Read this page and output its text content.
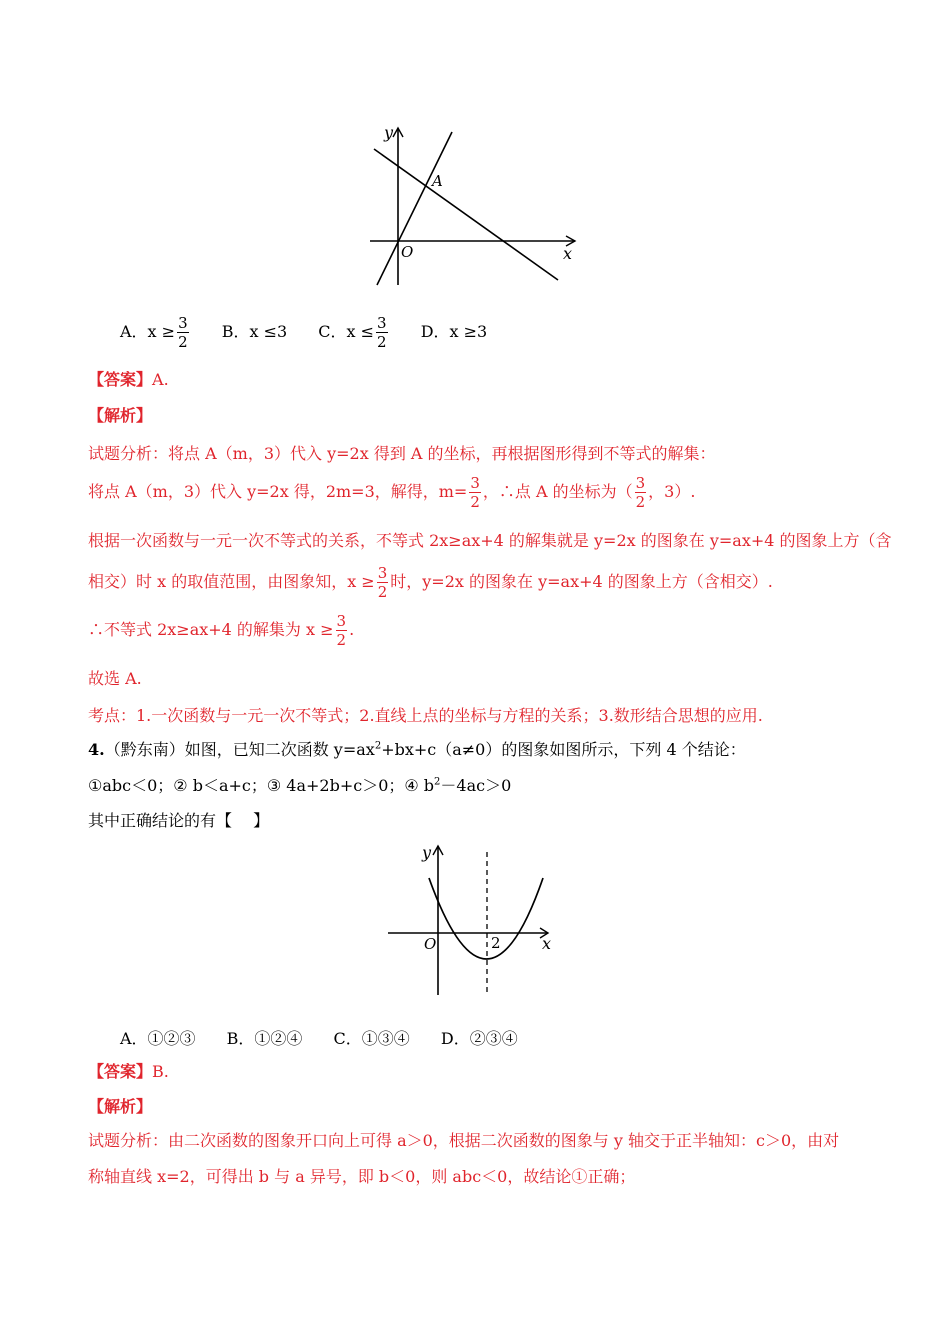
y
x
O
A
A．$x \ge \frac{3}{2}$ B．x ≤3 C．$x \le \frac{3}{2}$ D．x ≥3
【答案】A.
【解析】
试题分析：将点 A（m，3）代入 y=2x 得到 A 的坐标，再根据图形得到不等式的解集：
将点 A（m，3）代入 y=2x 得，2m=3，解得，$m= \frac{3}{2}$ ，∴点 A 的坐标为（ $\frac{3}{2}$ ，3）.
根据一次函数与一元一次不等式的关系，不等式 2x≥ax+4 的解集就是 y=2x 的图象在 y=ax+4 的图象上方（含
相交）时 x 的取值范围，由图象知，$x \ge \frac{3}{2}$ 时，y=2x 的图象在 y=ax+4 的图象上方（含相交）.
∴不等式 2x≥ax+4 的解集为 $x \ge \frac{3}{2}$ .
故选 A.
考点：1.一次函数与一元一次不等式；2.直线上点的坐标与方程的关系；3.数形结合思想的应用.
4.（黔东南）如图，已知二次函数 $y=ax^2+bx+c(a\ne 0)$的图象如图所示，下列 4 个结论：
①abc＜0；② b＜a+c；③ 4a+2b+c＞0；④ $b^2-4ac>0$
其中正确结论的有【　 】
y
x
O	2
A．①②③ B．①②④ C．①③④ D．②③④
【答案】B.
【解析】
试题分析：由二次函数的图象开口向上可得 a＞0，根据二次函数的图象与 y 轴交于正半轴知：c＞0，由对
称轴直线 x=2，可得出 b 与 a 异号，即 b＜0，则 abc＜0，故结论①正确；
